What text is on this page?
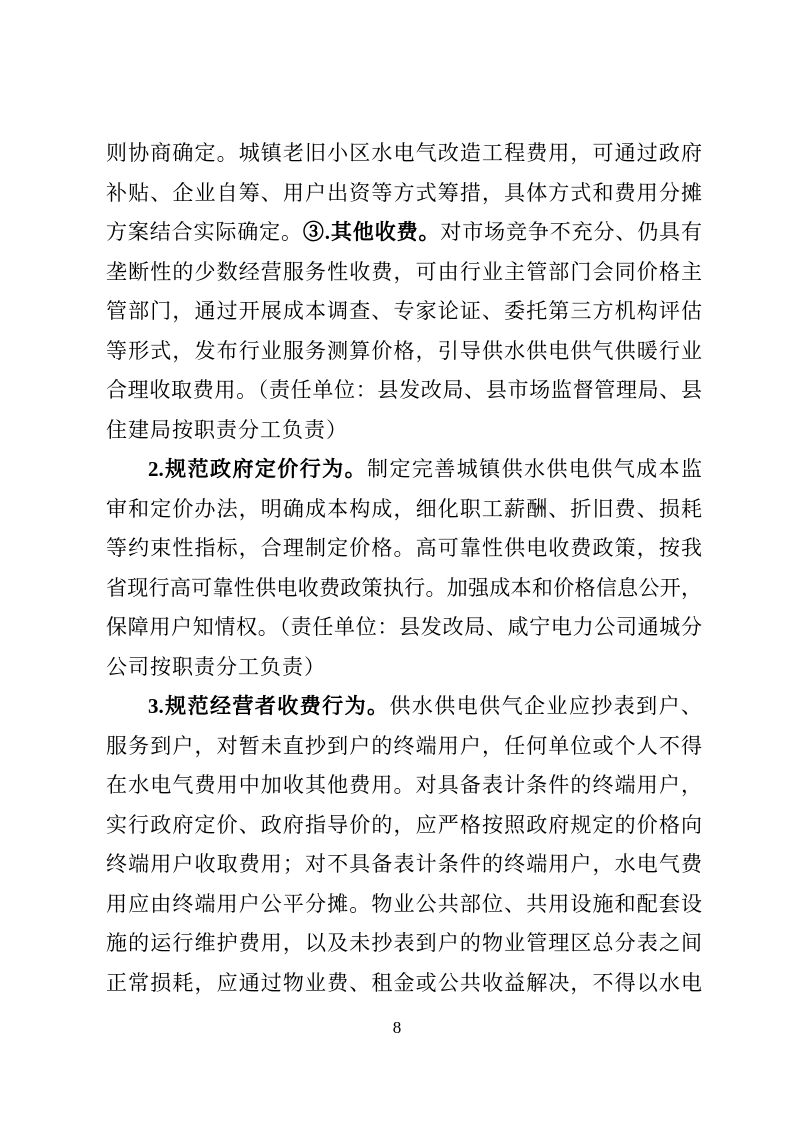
则协商确定。城镇老旧小区水电气改造工程费用，可通过政府
补贴、企业自筹、用户出资等方式筹措，具体方式和费用分摊
方案结合实际确定。③.其他收费。对市场竞争不充分、仍具有
垄断性的少数经营服务性收费，可由行业主管部门会同价格主
管部门，通过开展成本调查、专家论证、委托第三方机构评估
等形式，发布行业服务测算价格，引导供水供电供气供暖行业
合理收取费用。（责任单位：县发改局、县市场监督管理局、县
住建局按职责分工负责）
2.规范政府定价行为。制定完善城镇供水供电供气成本监
审和定价办法，明确成本构成，细化职工薪酬、折旧费、损耗
等约束性指标，合理制定价格。高可靠性供电收费政策，按我
省现行高可靠性供电收费政策执行。加强成本和价格信息公开，
保障用户知情权。（责任单位：县发改局、咸宁电力公司通城分
公司按职责分工负责）
3.规范经营者收费行为。供水供电供气企业应抄表到户、
服务到户，对暂未直抄到户的终端用户，任何单位或个人不得
在水电气费用中加收其他费用。对具备表计条件的终端用户，
实行政府定价、政府指导价的，应严格按照政府规定的价格向
终端用户收取费用；对不具备表计条件的终端用户，水电气费
用应由终端用户公平分摊。物业公共部位、共用设施和配套设
施的运行维护费用，以及未抄表到户的物业管理区总分表之间
正常损耗，应通过物业费、租金或公共收益解决，不得以水电
8
